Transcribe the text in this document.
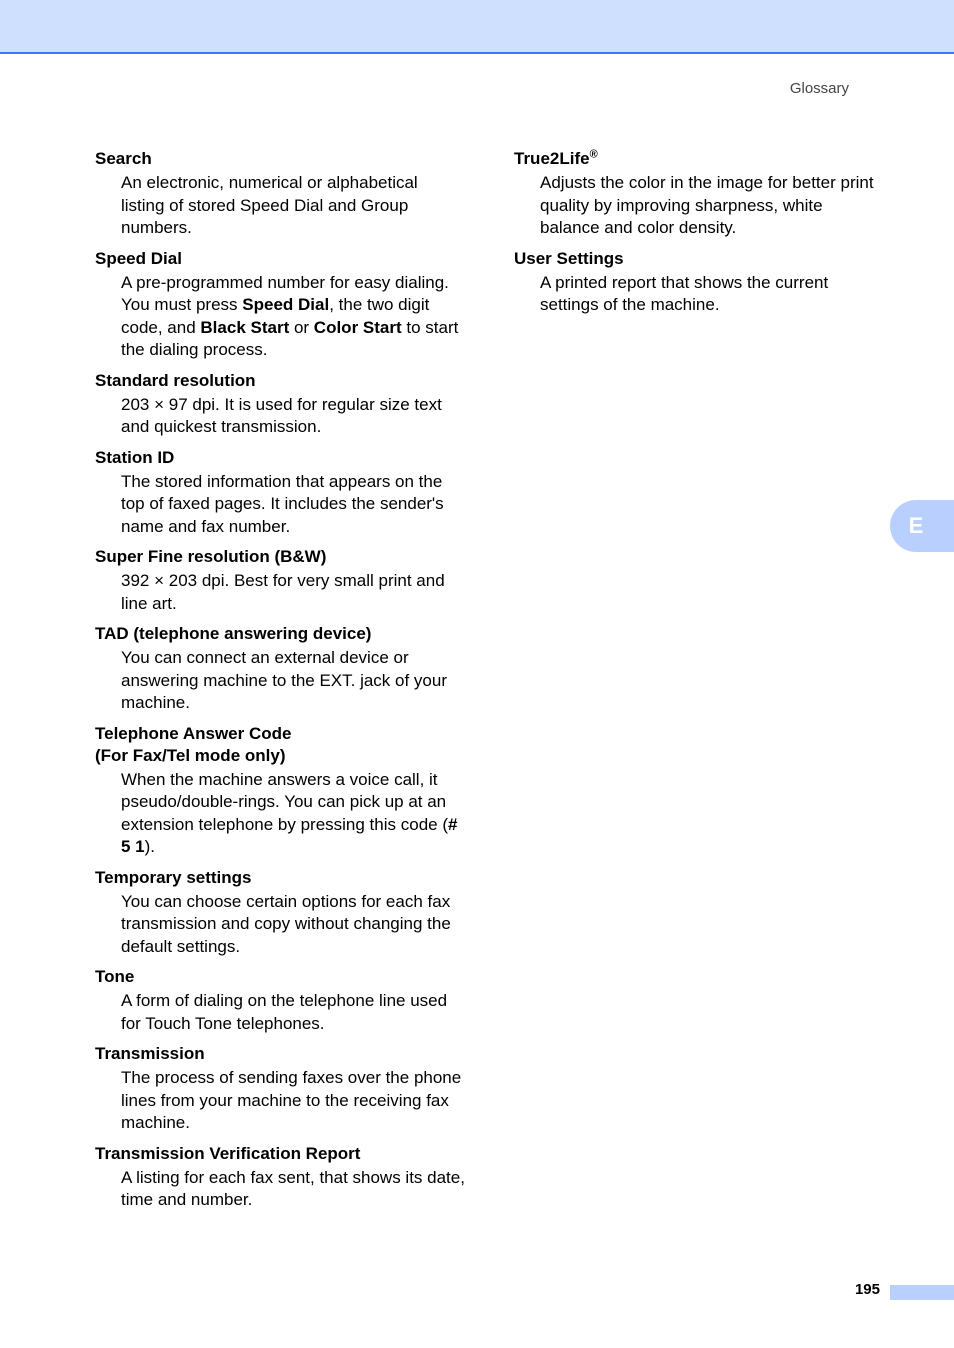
Glossary

Search

An electronic, numerical or alphabetical listing of stored Speed Dial and Group numbers.

Speed Dial

A pre-programmed number for easy dialing. You must press Speed Dial, the two digit code, and Black Start or Color Start to start the dialing process.

Standard resolution

203 × 97 dpi. It is used for regular size text and quickest transmission.

Station ID

The stored information that appears on the top of faxed pages. It includes the sender's name and fax number.

Super Fine resolution (B&W)

392 × 203 dpi. Best for very small print and line art.

TAD (telephone answering device)

You can connect an external device or answering machine to the EXT. jack of your machine.

Telephone Answer Code

(For Fax/Tel mode only)

When the machine answers a voice call, it pseudo/double-rings. You can pick up at an extension telephone by pressing this code (# 5 1).

Temporary settings

You can choose certain options for each fax transmission and copy without changing the default settings.

Tone

A form of dialing on the telephone line used for Touch Tone telephones.

Transmission

The process of sending faxes over the phone lines from your machine to the receiving fax machine.

Transmission Verification Report

A listing for each fax sent, that shows its date, time and number.

True2Life®

Adjusts the color in the image for better print quality by improving sharpness, white balance and color density.

User Settings

A printed report that shows the current settings of the machine.

E
195
